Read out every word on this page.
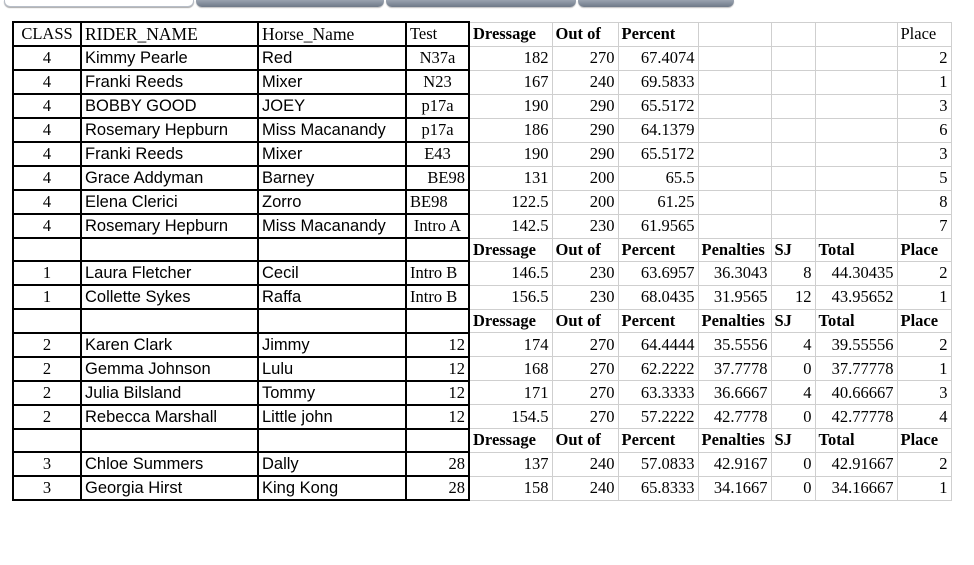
CLASS	RIDER_NAME	Horse_Name	Test	Dressage	Out of	Percent				Place
4	Kimmy Pearle	Red	N37a	182	270	67.4074				2
4	Franki Reeds	Mixer	N23	167	240	69.5833				1
4	BOBBY GOOD	JOEY	p17a	190	290	65.5172				3
4	Rosemary Hepburn	Miss Macanandy	p17a	186	290	64.1379				6
4	Franki Reeds	Mixer	E43	190	290	65.5172				3
4	Grace Addyman	Barney	BE98	131	200	65.5				5
4	Elena Clerici	Zorro	BE98	122.5	200	61.25				8
4	Rosemary Hepburn	Miss Macanandy	Intro A	142.5	230	61.9565				7
				Dressage	Out of	Percent	Penalties	SJ	Total	Place
1	Laura Fletcher	Cecil	Intro B	146.5	230	63.6957	36.3043	8	44.30435	2
1	Collette Sykes	Raffa	Intro B	156.5	230	68.0435	31.9565	12	43.95652	1
				Dressage	Out of	Percent	Penalties	SJ	Total	Place
2	Karen Clark	Jimmy	12	174	270	64.4444	35.5556	4	39.55556	2
2	Gemma Johnson	Lulu	12	168	270	62.2222	37.7778	0	37.77778	1
2	Julia Bilsland	Tommy	12	171	270	63.3333	36.6667	4	40.66667	3
2	Rebecca Marshall	Little john	12	154.5	270	57.2222	42.7778	0	42.77778	4
				Dressage	Out of	Percent	Penalties	SJ	Total	Place
3	Chloe Summers	Dally	28	137	240	57.0833	42.9167	0	42.91667	2
3	Georgia Hirst	King Kong	28	158	240	65.8333	34.1667	0	34.16667	1
